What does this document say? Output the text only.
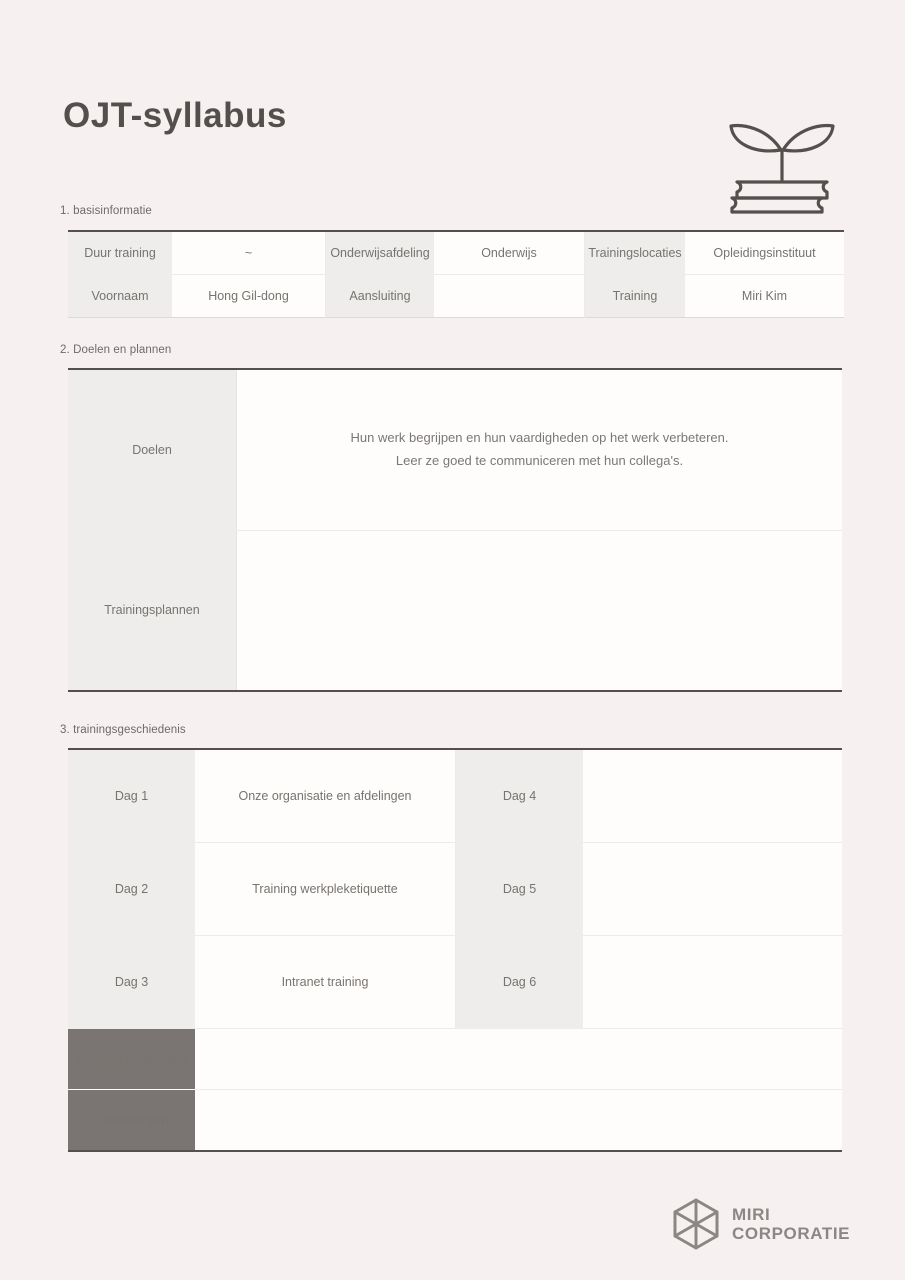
OJT-syllabus
1. basisinformatie
Duur training	~	Onderwijsafdeling	Onderwijs	Trainingslocaties	Opleidingsinstituut
Voornaam	Hong Gil-dong	Aansluiting		Training	Miri Kim
2. Doelen en plannen
Doelen	Hun werk begrijpen en hun vaardigheden op het werk verbeteren.
Leer ze goed te communiceren met hun collega's.

Trainingsplannen	
3. trainingsgeschiedenis
Dag 1	Onze organisatie en afdelingen	Dag 4	
Dag 2	Training werkpleketiquette	Dag 5	
Dag 3	Intranet training	Dag 6	
Houding en houding			
Opmerkingen			
MIRI
CORPORATIE
